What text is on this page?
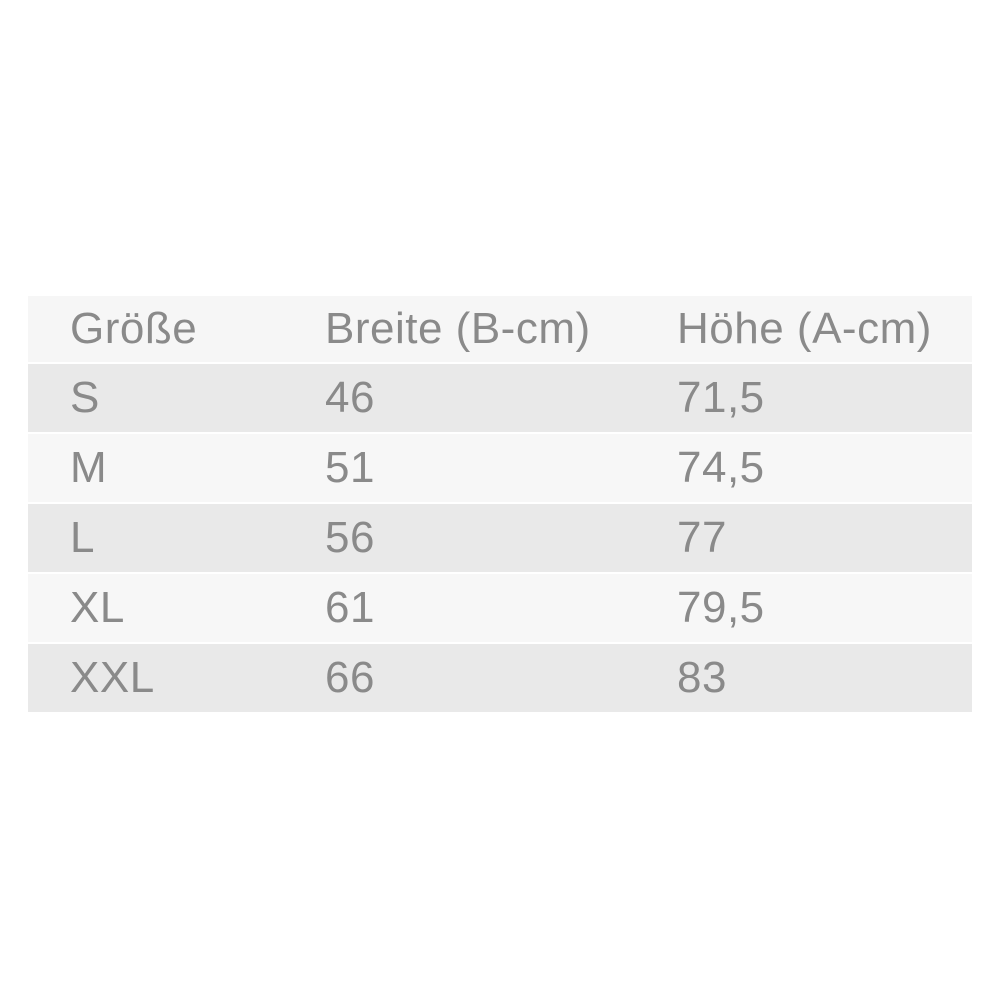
Größe	Breite (B-cm)	Höhe (A-cm)
S	46	71,5
M	51	74,5
L	56	77
XL	61	79,5
XXL	66	83
